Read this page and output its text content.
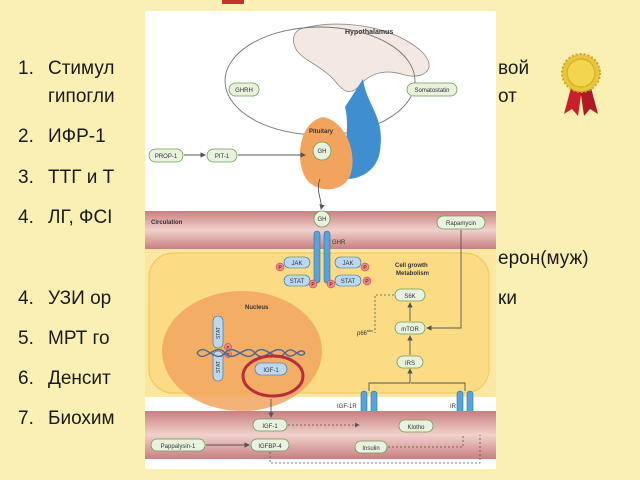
1. Стимул
гипогли
2. ИФР-1
3. ТТГ и Т
4. ЛГ, ФСI
4. УЗИ ор
5. МРТ го
6. Денсит
7. Биохим
вой
от
ерон(муж)
ки
Hypothalamus
Pituitary
GHRH	Somatostatin
PROP-1	PIT-1
GH
Circulation	GH
Rapamycin
GHR
JAK	JAK
STAT	STAT
P
P	P
P
P
Cell growth
Metabolism
S6K
mTOR
IRS
$p66^{shc}$
Nucleus
STAT
STAT
P
P
IGF-1
IGF-1R	IR
Klotho
IGF-1
Insulin
Pappalysin-1	IGFBP-4
